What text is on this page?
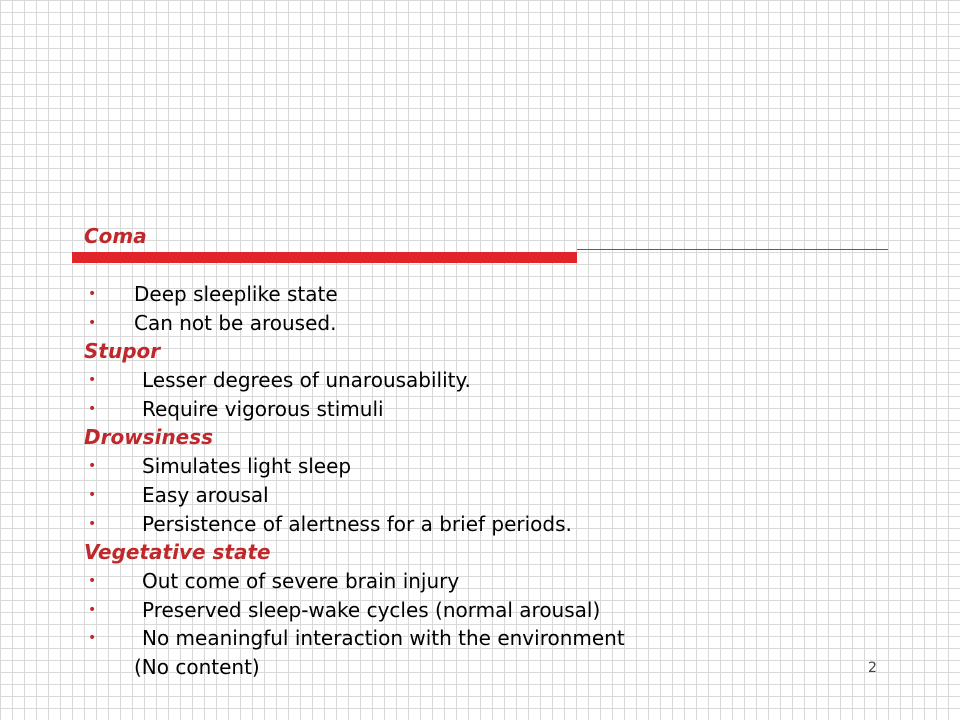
Coma
• Deep sleeplike state
• Can not be aroused.
Stupor
• Lesser degrees of unarousability.
• Require vigorous stimuli
Drowsiness
• Simulates light sleep
• Easy arousal
• Persistence of alertness for a brief periods.
Vegetative state
• Out come of severe brain injury
• Preserved sleep-wake cycles (normal arousal)
• No meaningful interaction with the environment
(No content)	2
